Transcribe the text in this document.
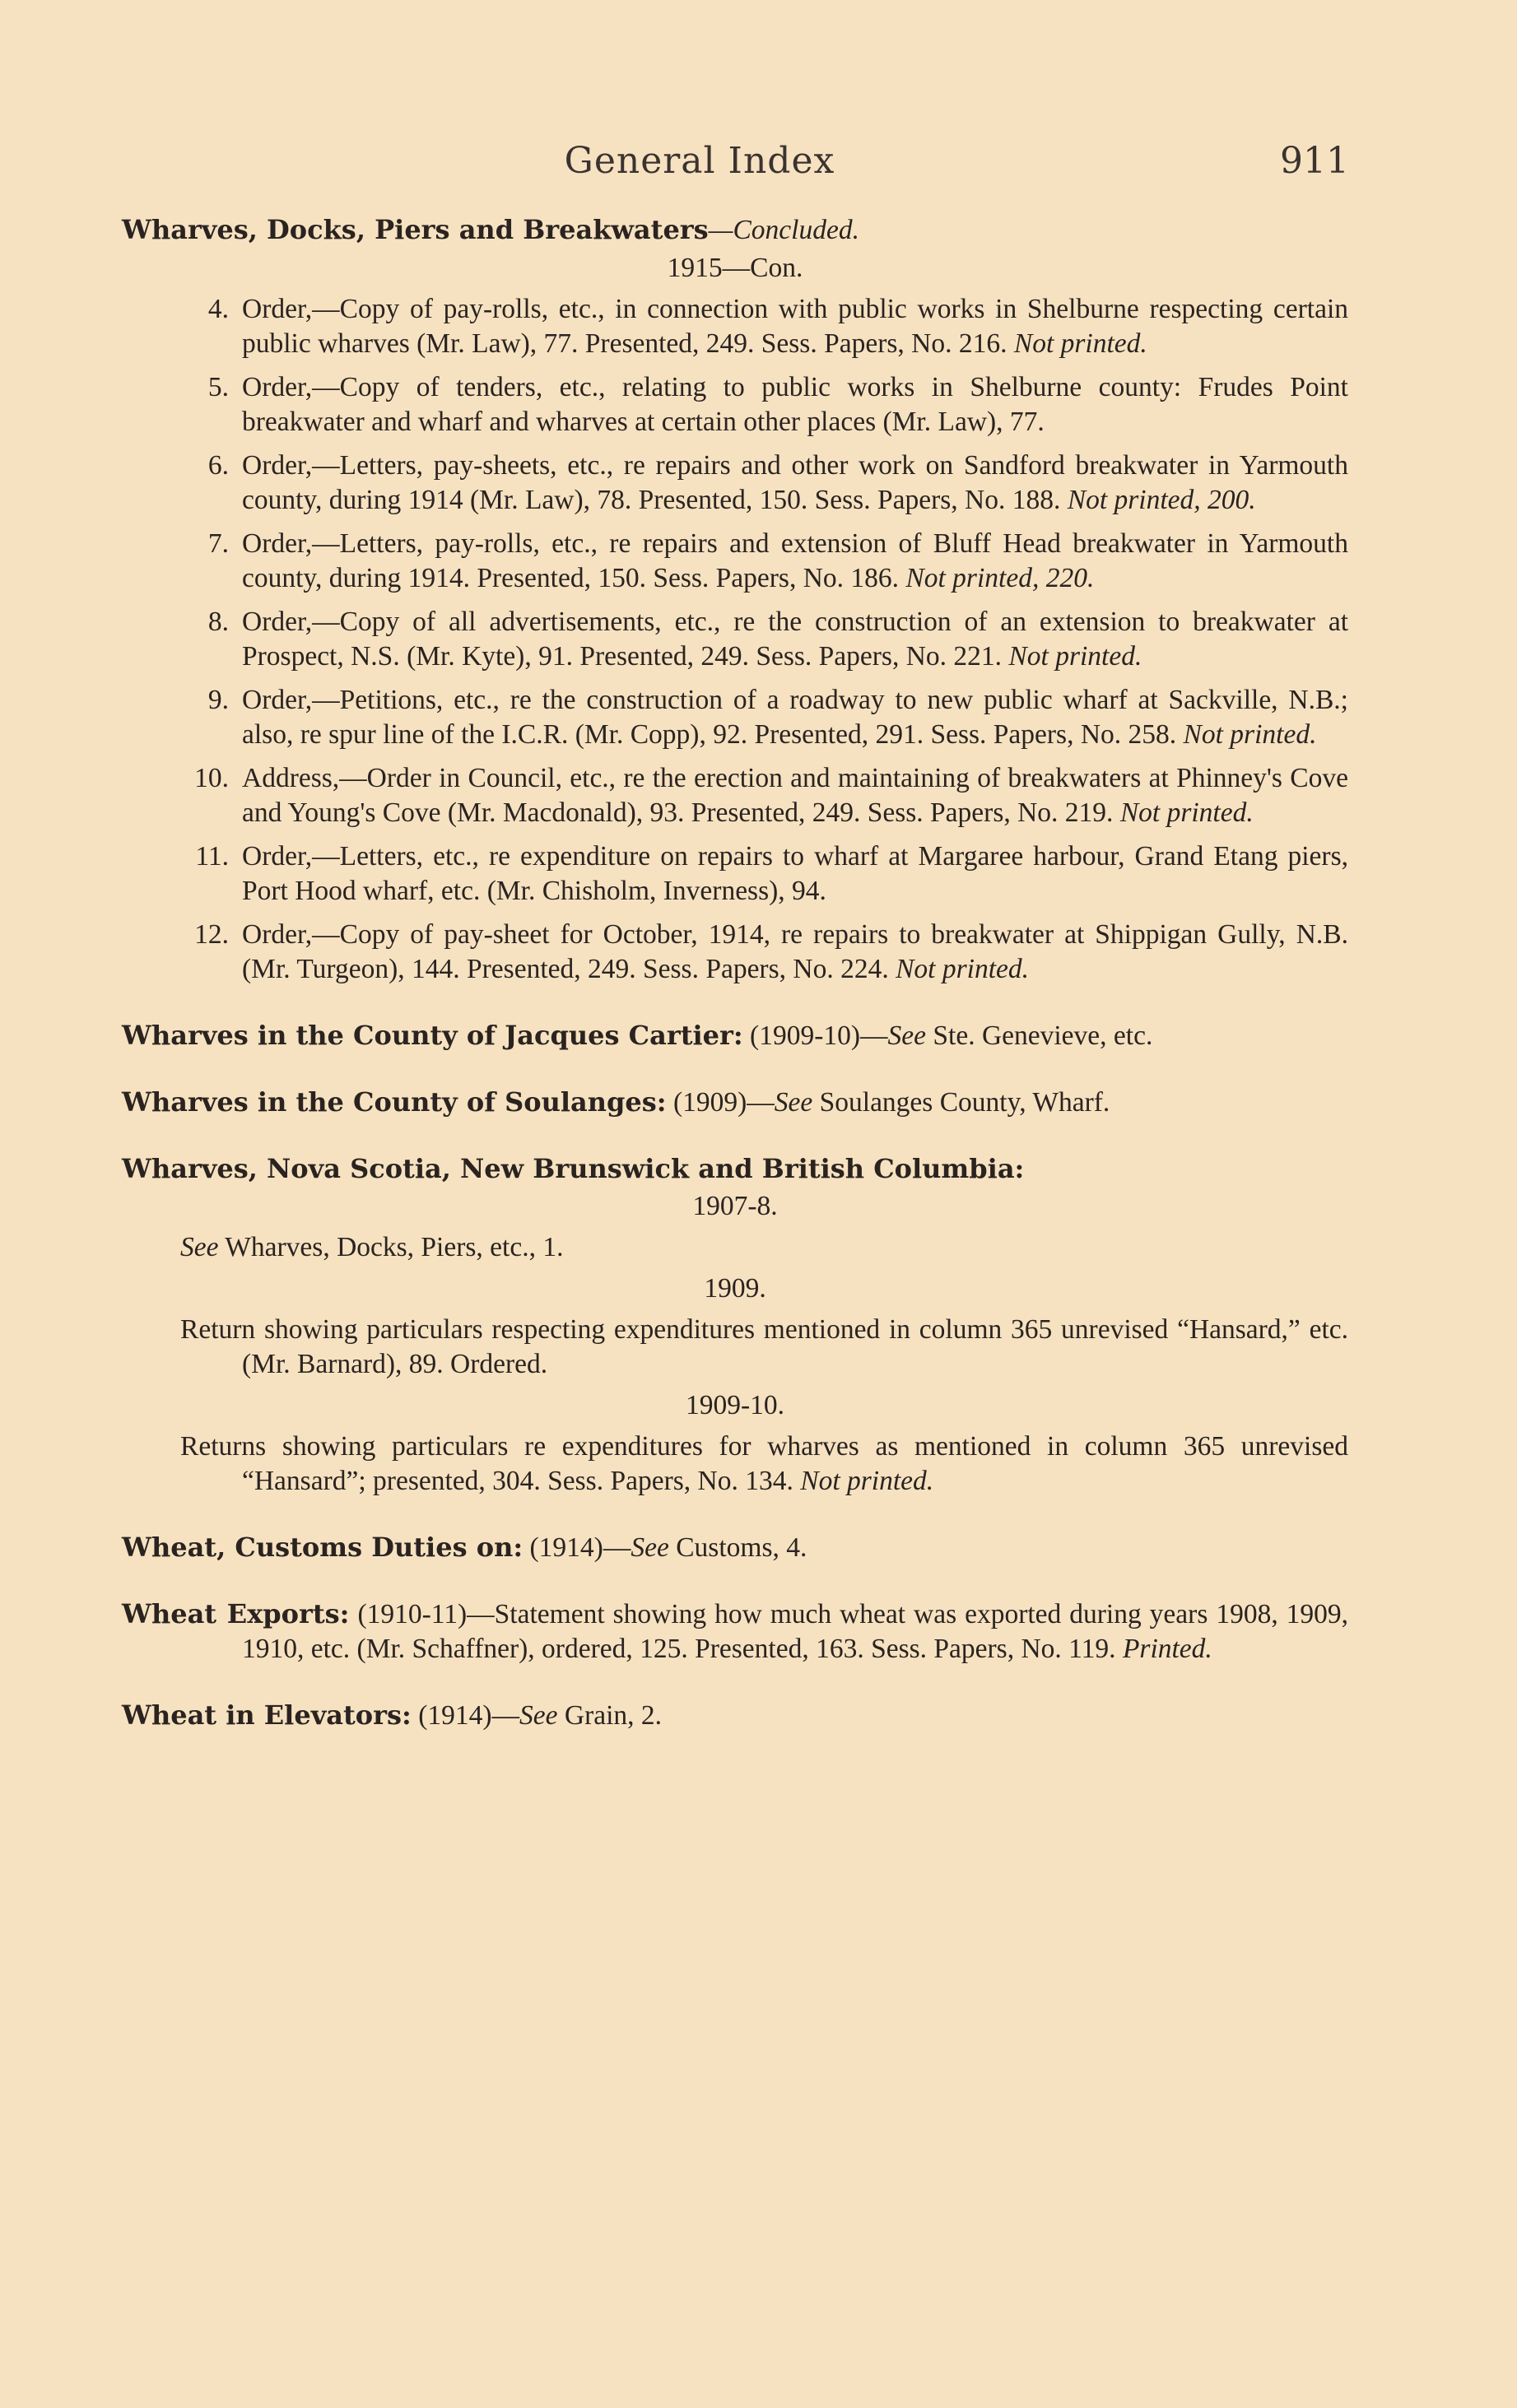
General Index	911
Wharves, Docks, Piers and Breakwaters—Concluded.
1915—Con.
4. Order,—Copy of pay-rolls, etc., in connection with public works in Shelburne respecting certain public wharves (Mr. Law), 77. Presented, 249. Sess. Papers, No. 216. Not printed.
5. Order,—Copy of tenders, etc., relating to public works in Shelburne county: Frudes Point breakwater and wharf and wharves at certain other places (Mr. Law), 77.
6. Order,—Letters, pay-sheets, etc., re repairs and other work on Sandford breakwater in Yarmouth county, during 1914 (Mr. Law), 78. Presented, 150. Sess. Papers, No. 188. Not printed, 200.
7. Order,—Letters, pay-rolls, etc., re repairs and extension of Bluff Head breakwater in Yarmouth county, during 1914. Presented, 150. Sess. Papers, No. 186. Not printed, 220.
8. Order,—Copy of all advertisements, etc., re the construction of an extension to breakwater at Prospect, N.S. (Mr. Kyte), 91. Presented, 249. Sess. Papers, No. 221. Not printed.
9. Order,—Petitions, etc., re the construction of a roadway to new public wharf at Sackville, N.B.; also, re spur line of the I.C.R. (Mr. Copp), 92. Presented, 291. Sess. Papers, No. 258. Not printed.
10. Address,—Order in Council, etc., re the erection and maintaining of breakwaters at Phinney's Cove and Young's Cove (Mr. Macdonald), 93. Presented, 249. Sess. Papers, No. 219. Not printed.
11. Order,—Letters, etc., re expenditure on repairs to wharf at Margaree harbour, Grand Etang piers, Port Hood wharf, etc. (Mr. Chisholm, Inverness), 94.
12. Order,—Copy of pay-sheet for October, 1914, re repairs to breakwater at Shippigan Gully, N.B. (Mr. Turgeon), 144. Presented, 249. Sess. Papers, No. 224. Not printed.
Wharves in the County of Jacques Cartier: (1909-10)—See Ste. Genevieve, etc.
Wharves in the County of Soulanges: (1909)—See Soulanges County, Wharf.
Wharves, Nova Scotia, New Brunswick and British Columbia:
1907-8.
See Wharves, Docks, Piers, etc., 1.
1909.
Return showing particulars respecting expenditures mentioned in column 365 unrevised “Hansard,” etc. (Mr. Barnard), 89. Ordered.
1909-10.
Returns showing particulars re expenditures for wharves as mentioned in column 365 unrevised “Hansard”; presented, 304. Sess. Papers, No. 134. Not printed.
Wheat, Customs Duties on: (1914)—See Customs, 4.
Wheat Exports: (1910-11)—Statement showing how much wheat was exported during years 1908, 1909, 1910, etc. (Mr. Schaffner), ordered, 125. Presented, 163. Sess. Papers, No. 119. Printed.
Wheat in Elevators: (1914)—See Grain, 2.
